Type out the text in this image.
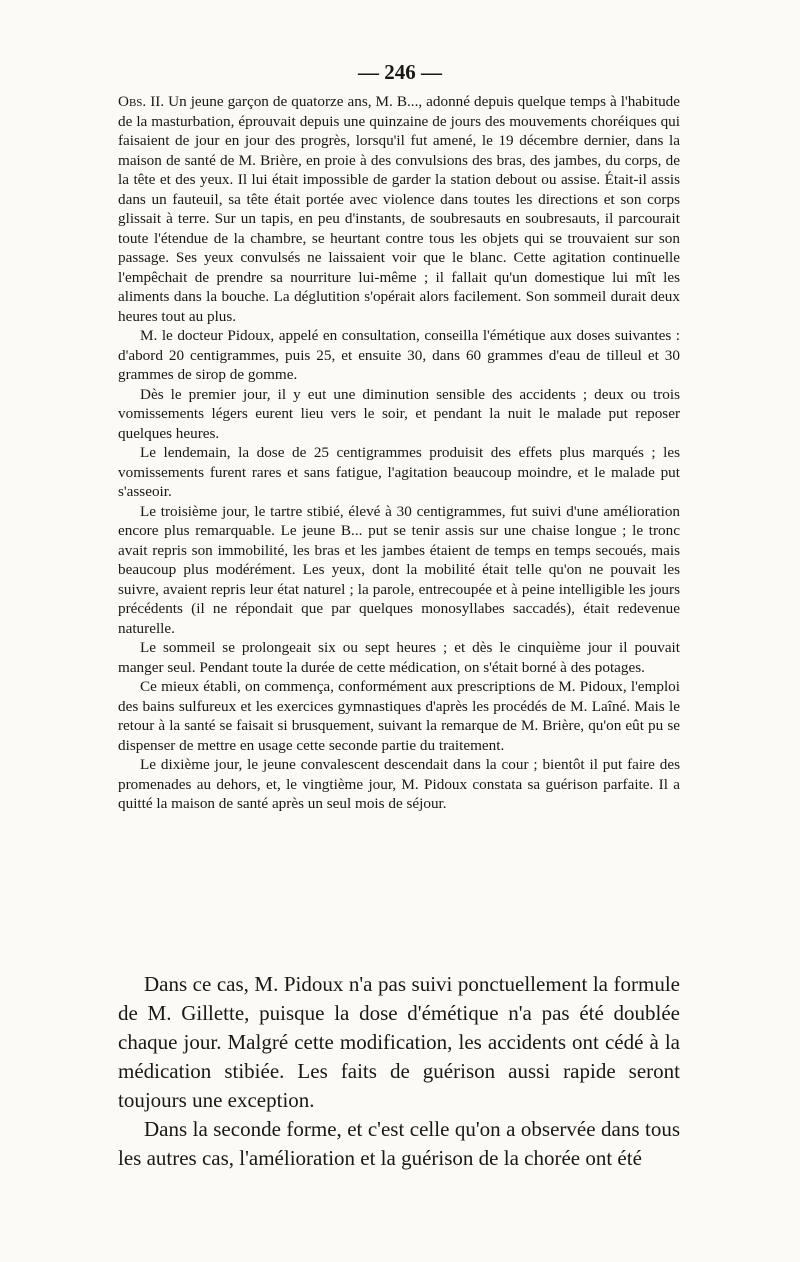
— 246 —

Obs. II. Un jeune garçon de quatorze ans, M. B..., adonné depuis quelque temps à l'habitude de la masturbation, éprouvait depuis une quinzaine de jours des mouvements choréiques qui faisaient de jour en jour des progrès, lorsqu'il fut amené, le 19 décembre dernier, dans la maison de santé de M. Brière, en proie à des convulsions des bras, des jambes, du corps, de la tête et des yeux. Il lui était impossible de garder la station debout ou assise. Était-il assis dans un fauteuil, sa tête était portée avec violence dans toutes les directions et son corps glissait à terre. Sur un tapis, en peu d'instants, de soubresauts en soubresauts, il parcourait toute l'étendue de la chambre, se heurtant contre tous les objets qui se trouvaient sur son passage. Ses yeux convulsés ne laissaient voir que le blanc. Cette agitation continuelle l'empêchait de prendre sa nourriture lui-même ; il fallait qu'un domestique lui mît les aliments dans la bouche. La déglutition s'opérait alors facilement. Son sommeil durait deux heures tout au plus.

M. le docteur Pidoux, appelé en consultation, conseilla l'émétique aux doses suivantes : d'abord 20 centigrammes, puis 25, et ensuite 30, dans 60 grammes d'eau de tilleul et 30 grammes de sirop de gomme.

Dès le premier jour, il y eut une diminution sensible des accidents ; deux ou trois vomissements légers eurent lieu vers le soir, et pendant la nuit le malade put reposer quelques heures.

Le lendemain, la dose de 25 centigrammes produisit des effets plus marqués ; les vomissements furent rares et sans fatigue, l'agitation beaucoup moindre, et le malade put s'asseoir.

Le troisième jour, le tartre stibié, élevé à 30 centigrammes, fut suivi d'une amélioration encore plus remarquable. Le jeune B... put se tenir assis sur une chaise longue ; le tronc avait repris son immobilité, les bras et les jambes étaient de temps en temps secoués, mais beaucoup plus modérément. Les yeux, dont la mobilité était telle qu'on ne pouvait les suivre, avaient repris leur état naturel ; la parole, entrecoupée et à peine intelligible les jours précédents (il ne répondait que par quelques monosyllabes saccadés), était redevenue naturelle.

Le sommeil se prolongeait six ou sept heures ; et dès le cinquième jour il pouvait manger seul. Pendant toute la durée de cette médication, on s'était borné à des potages.

Ce mieux établi, on commença, conformément aux prescriptions de M. Pidoux, l'emploi des bains sulfureux et les exercices gymnastiques d'après les procédés de M. Laîné. Mais le retour à la santé se faisait si brusquement, suivant la remarque de M. Brière, qu'on eût pu se dispenser de mettre en usage cette seconde partie du traitement.

Le dixième jour, le jeune convalescent descendait dans la cour ; bientôt il put faire des promenades au dehors, et, le vingtième jour, M. Pidoux constata sa guérison parfaite. Il a quitté la maison de santé après un seul mois de séjour.

Dans ce cas, M. Pidoux n'a pas suivi ponctuellement la formule de M. Gillette, puisque la dose d'émétique n'a pas été doublée chaque jour. Malgré cette modification, les accidents ont cédé à la médication stibiée. Les faits de guérison aussi rapide seront toujours une exception.

Dans la seconde forme, et c'est celle qu'on a observée dans tous les autres cas, l'amélioration et la guérison de la chorée ont été
